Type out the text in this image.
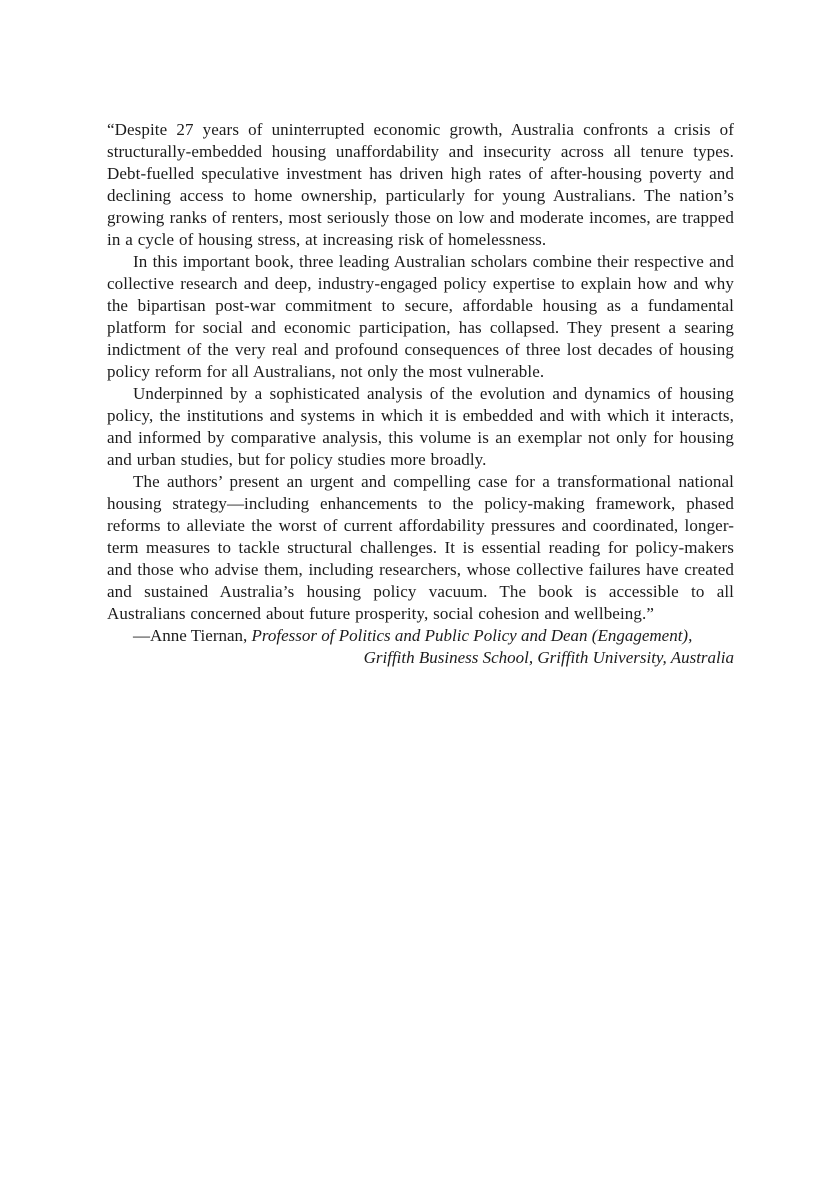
“Despite 27 years of uninterrupted economic growth, Australia confronts a crisis of structurally-embedded housing unaffordability and insecurity across all tenure types. Debt-fuelled speculative investment has driven high rates of after-housing poverty and declining access to home ownership, particularly for young Australians. The nation’s growing ranks of renters, most seriously those on low and moderate incomes, are trapped in a cycle of housing stress, at increasing risk of homelessness.

In this important book, three leading Australian scholars combine their respective and collective research and deep, industry-engaged policy expertise to explain how and why the bipartisan post-war commitment to secure, affordable housing as a fundamental platform for social and economic participation, has collapsed. They present a searing indictment of the very real and profound consequences of three lost decades of housing policy reform for all Australians, not only the most vulnerable.

Underpinned by a sophisticated analysis of the evolution and dynamics of housing policy, the institutions and systems in which it is embedded and with which it interacts, and informed by comparative analysis, this volume is an exemplar not only for housing and urban studies, but for policy studies more broadly.

The authors’ present an urgent and compelling case for a transformational national housing strategy—including enhancements to the policy-making framework, phased reforms to alleviate the worst of current affordability pressures and coordinated, longer-term measures to tackle structural challenges. It is essential reading for policy-makers and those who advise them, including researchers, whose collective failures have created and sustained Australia’s housing policy vacuum. The book is accessible to all Australians concerned about future prosperity, social cohesion and wellbeing.”

—Anne Tiernan, Professor of Politics and Public Policy and Dean (Engagement),
Griffith Business School, Griffith University, Australia
